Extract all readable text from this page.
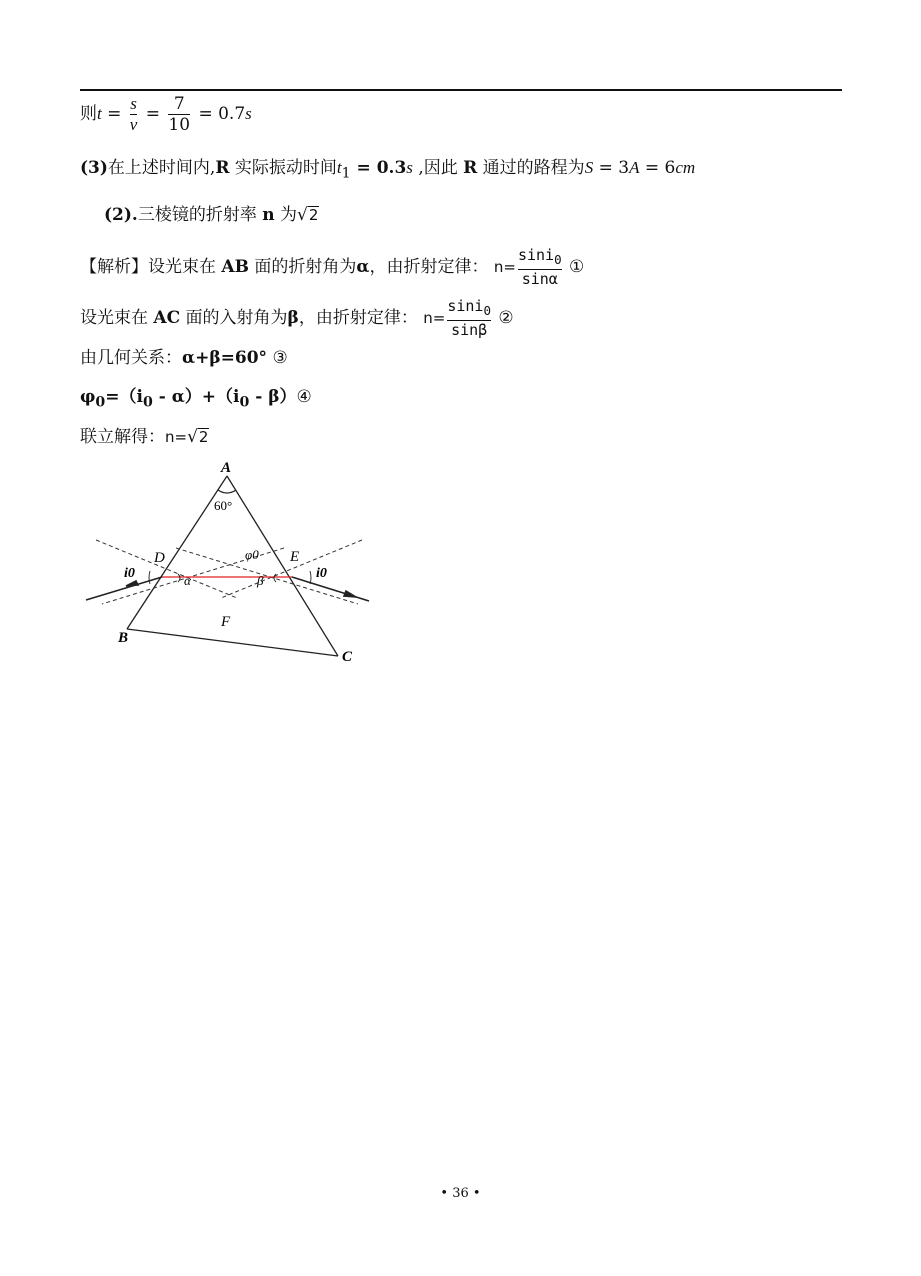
则$t = \frac{s}{v} = \frac{7}{10} = 0.7s$
(3)在上述时间内,R 实际振动时间$t_1 = 0.3s$ ,因此 R 通过的路程为S = 3A = 6cm
(2).三棱镜的折射率 n 为√2
【解析】设光束在 AB 面的折射角为α，由折射定律： $n= \frac{\sin i_0}{\sin\alpha}$ ①
设光束在 AC 面的入射角为β，由折射定律： $n= \frac{\sin i_0}{\sin\beta}$ ②
由几何关系：α+β=60° ③
$\varphi_0=(i_0 - \alpha)+(i_0$ - β）④
联立解得：n=√2
A
B
C
D	E
F
60°
φ0
α	β
i0	i0
• 36 •
